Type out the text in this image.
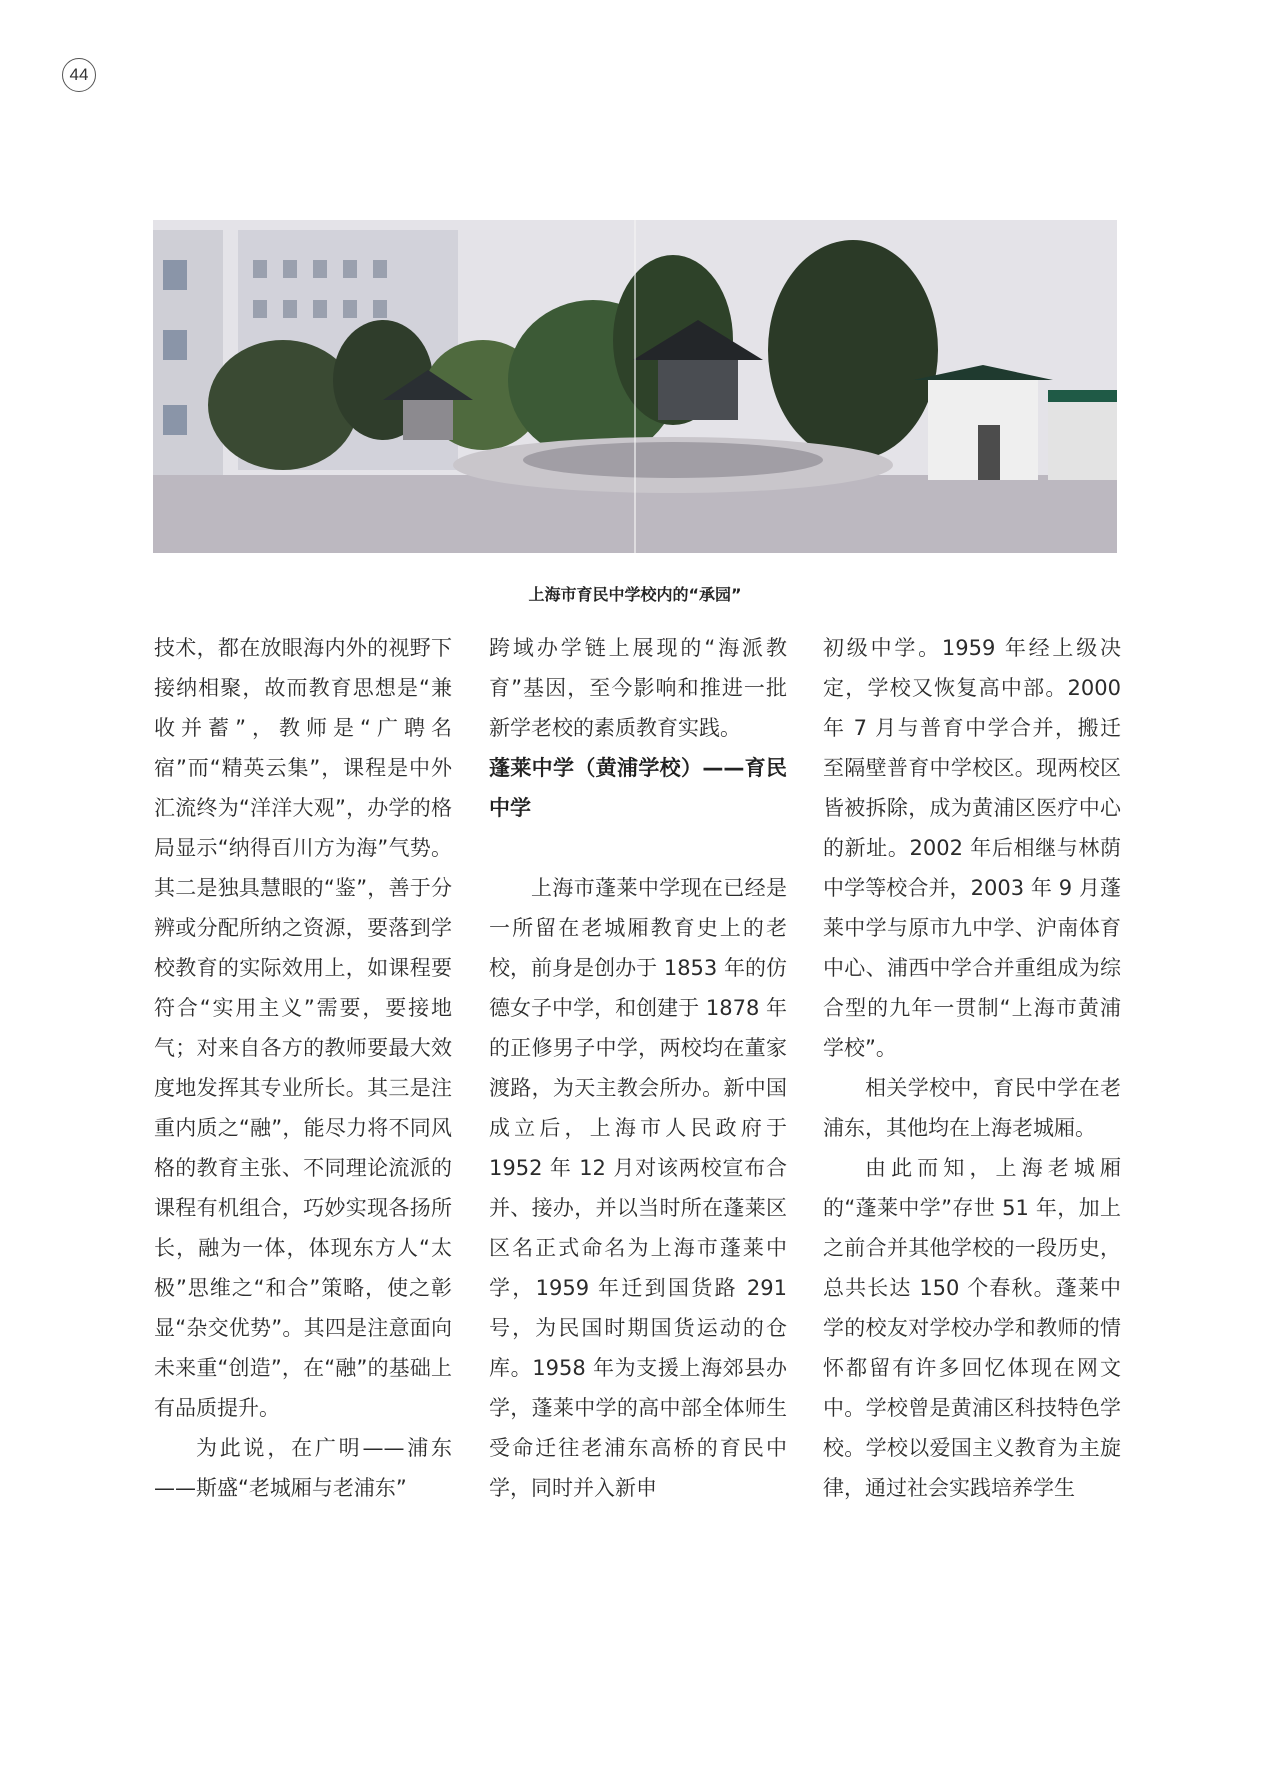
44
上海市育民中学校内的“承园”

技术，都在放眼海内外的视野下接纳相聚，故而教育思想是“兼收并蓄”，教师是“广聘名宿”而“精英云集”，课程是中外汇流终为“洋洋大观”，办学的格局显示“纳得百川方为海”气势。其二是独具慧眼的“鉴”，善于分辨或分配所纳之资源，要落到学校教育的实际效用上，如课程要符合“实用主义”需要，要接地气；对来自各方的教师要最大效度地发挥其专业所长。其三是注重内质之“融”，能尽力将不同风格的教育主张、不同理论流派的课程有机组合，巧妙实现各扬所长，融为一体，体现东方人“太极”思维之“和合”策略，使之彰显“杂交优势”。其四是注意面向未来重“创造”，在“融”的基础上有品质提升。

为此说，在广明——浦东——斯盛“老城厢与老浦东”

跨域办学链上展现的“海派教育”基因，至今影响和推进一批新学老校的素质教育实践。

蓬莱中学（黄浦学校）——育民中学

上海市蓬莱中学现在已经是一所留在老城厢教育史上的老校，前身是创办于 1853 年的仿德女子中学，和创建于 1878 年的正修男子中学，两校均在董家渡路，为天主教会所办。新中国成立后，上海市人民政府于 1952 年 12 月对该两校宣布合并、接办，并以当时所在蓬莱区区名正式命名为上海市蓬莱中学，1959 年迁到国货路 291 号，为民国时期国货运动的仓库。1958 年为支援上海郊县办学，蓬莱中学的高中部全体师生受命迁往老浦东高桥的育民中学，同时并入新申

初级中学。1959 年经上级决定，学校又恢复高中部。2000 年 7 月与普育中学合并，搬迁至隔壁普育中学校区。现两校区皆被拆除，成为黄浦区医疗中心的新址。2002 年后相继与林荫中学等校合并，2003 年 9 月蓬莱中学与原市九中学、沪南体育中心、浦西中学合并重组成为综合型的九年一贯制“上海市黄浦学校”。

相关学校中，育民中学在老浦东，其他均在上海老城厢。

由此而知，上海老城厢的“蓬莱中学”存世 51 年，加上之前合并其他学校的一段历史，总共长达 150 个春秋。蓬莱中学的校友对学校办学和教师的情怀都留有许多回忆体现在网文中。学校曾是黄浦区科技特色学校。学校以爱国主义教育为主旋律，通过社会实践培养学生
